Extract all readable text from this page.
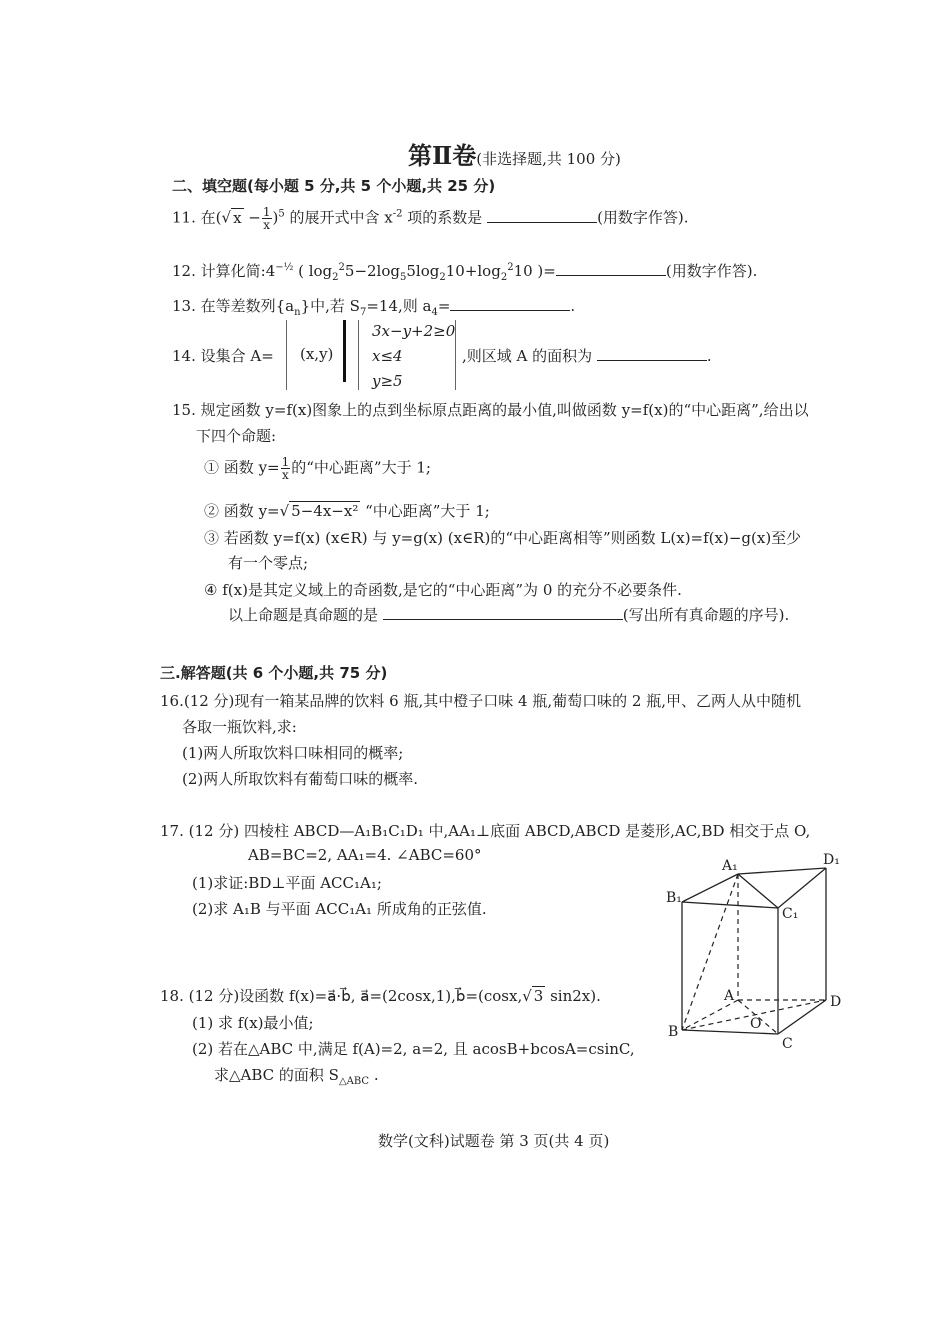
第Ⅱ卷(非选择题,共 100 分)
二、填空题(每小题 5 分,共 5 个小题,共 25 分)
11. 在(√ $x - \frac{1}{x} )^5$ 的展开式中含 $x^{-2}$ 项的系数是	(用数字作答).
12. 计算化简$:4^{-\frac{1}{2}}$ ( $\log_2^25-2\log_55\log_210+\log_2^210$ )=	(用数字作答).
13. 在等差数列$\{a_n\}$中,若 $S_7=14$,则 $a_4=$	.
14. 设集合 A= (x,y)
3x−y+2≥0
x≤4
y≥5
,则区域 A 的面积为	.
15. 规定函数 y=f(x)图象上的点到坐标原点距离的最小值,叫做函数 y=f(x)的“中心距离”,给出以
下四个命题:
① 函数 $y= \frac{1}{x}$ 的“中心距离”大于 1;
② 函数 y=√ 5−4x−x² “中心距离”大于 1;
③ 若函数 y=f(x) (x∈R) 与 y=g(x) (x∈R)的“中心距离相等”则函数 L(x)=f(x)−g(x)至少
有一个零点;
④ f(x)是其定义域上的奇函数,是它的“中心距离”为 0 的充分不必要条件.
以上命题是真命题的是	(写出所有真命题的序号).
三.解答题(共 6 个小题,共 75 分)
16.(12 分)现有一箱某品牌的饮料 6 瓶,其中橙子口味 4 瓶,葡萄口味的 2 瓶,甲、乙两人从中随机
各取一瓶饮料,求:
(1)两人所取饮料口味相同的概率;
(2)两人所取饮料有葡萄口味的概率.
17. (12 分) 四棱柱 ABCD—A₁B₁C₁D₁ 中,AA₁⊥底面 ABCD,ABCD 是菱形,AC,BD 相交于点 O,
AB=BC=2, AA₁=4. ∠ABC=60°
(1)求证:BD⊥平面 ACC₁A₁;
(2)求 A₁B 与平面 ACC₁A₁ 所成角的正弦值.
18. (12 分)设函数 f(x)=a⃗·b⃗, a⃗=(2cosx,1),b⃗=(cosx,√ 3 sin2x).
(1) 求 f(x)最小值;
(2) 若在△ABC 中,满足 f(A)=2, a=2, 且 acosB+bcosA=csinC,
求△ABC 的面积 $S_{\triangle ABC}$ .
A₁	D₁
B₁
C₁
A	D
B
C
O
数学(文科)试题卷 第 3 页(共 4 页)
